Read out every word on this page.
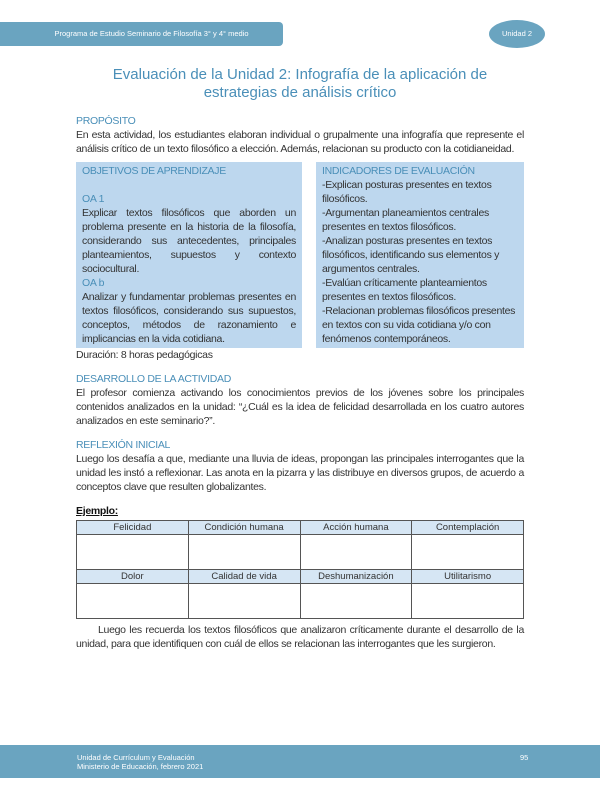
Programa de Estudio Seminario de Filosofía 3° y 4° medio	Unidad 2
Evaluación de la Unidad 2: Infografía de la aplicación de estrategias de análisis crítico
PROPÓSITO
En esta actividad, los estudiantes elaboran individual o grupalmente una infografía que represente el análisis crítico de un texto filosófico a elección. Además, relacionan su producto con la cotidianeidad.
OBJETIVOS DE APRENDIZAJE
OA 1
Explicar textos filosóficos que aborden un problema presente en la historia de la filosofía, considerando sus antecedentes, principales planteamientos, supuestos y contexto sociocultural.
OA b
Analizar y fundamentar problemas presentes en textos filosóficos, considerando sus supuestos, conceptos, métodos de razonamiento e implicancias en la vida cotidiana.
INDICADORES DE EVALUACIÓN
-Explican posturas presentes en textos filosóficos.
-Argumentan planeamientos centrales presentes en textos filosóficos.
-Analizan posturas presentes en textos filosóficos, identificando sus elementos y argumentos centrales.
-Evalúan críticamente planteamientos presentes en textos filosóficos.
-Relacionan problemas filosóficos presentes en textos con su vida cotidiana y/o con fenómenos contemporáneos.
Duración: 8 horas pedagógicas
DESARROLLO DE LA ACTIVIDAD
El profesor comienza activando los conocimientos previos de los jóvenes sobre los principales contenidos analizados en la unidad: “¿Cuál es la idea de felicidad desarrollada en los cuatro autores analizados en este seminario?”.
REFLEXIÓN INICIAL
Luego los desafía a que, mediante una lluvia de ideas, propongan las principales interrogantes que la unidad les instó a reflexionar. Las anota en la pizarra y las distribuye en diversos grupos, de acuerdo a conceptos clave que resulten globalizantes.
Ejemplo:
Felicidad	Condición humana	Acción humana	Contemplación

Dolor	Calidad de vida	Deshumanización	Utilitarismo

Luego les recuerda los textos filosóficos que analizaron críticamente durante el desarrollo de la unidad, para que identifiquen con cuál de ellos se relacionan las interrogantes que les surgieron.
Unidad de Currículum y Evaluación
Ministerio de Educación, febrero 2021
95
